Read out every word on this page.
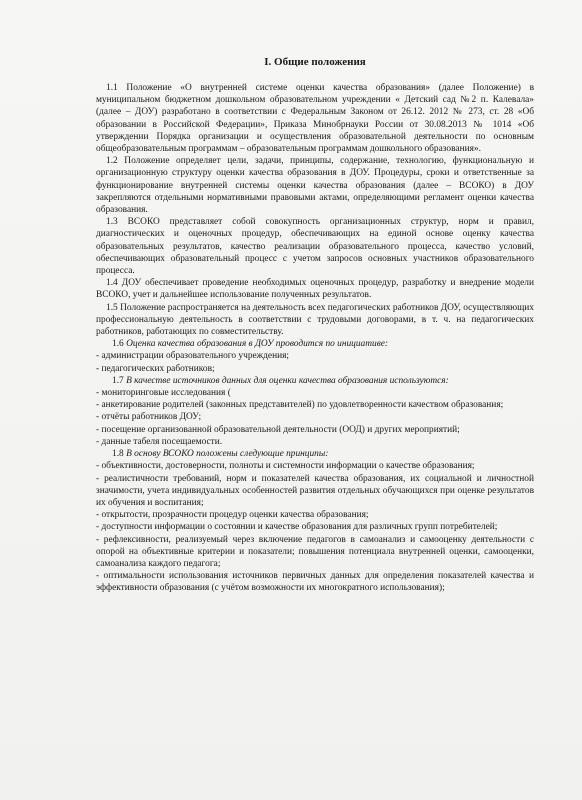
I. Общие положения

1.1 Положение «О внутренней системе оценки качества образования» (далее Положение) в муниципальном бюджетном дошкольном образовательном учреждении « Детский сад №2 п. Калевала» (далее – ДОУ) разработано в соответствии с Федеральным Законом от 26.12. 2012 № 273, ст. 28 «Об образовании в Российской Федерации», Приказа Минобрнауки России от 30.08.2013 № 1014 «Об утверждении Порядка организации и осуществления образовательной деятельности по основным общеобразовательным программам – образовательным программам дошкольного образования».

1.2 Положение определяет цели, задачи, принципы, содержание, технологию, функциональную и организационную структуру оценки качества образования в ДОУ. Процедуры, сроки и ответственные за функционирование внутренней системы оценки качества образования (далее – ВСОКО) в ДОУ закрепляются отдельными нормативными правовыми актами, определяющими регламент оценки качества образования.

1.3 ВСОКО представляет собой совокупность организационных структур, норм и правил, диагностических и оценочных процедур, обеспечивающих на единой основе оценку качества образовательных результатов, качество реализации образовательного процесса, качество условий, обеспечивающих образовательный процесс с учетом запросов основных участников образовательного процесса.

1.4 ДОУ обеспечивает проведение необходимых оценочных процедур, разработку и внедрение модели ВСОКО, учет и дальнейшее использование полученных результатов.

1.5 Положение распространяется на деятельность всех педагогических работников ДОУ, осуществляющих профессиональную деятельность в соответствии с трудовыми договорами, в т. ч. на педагогических работников, работающих по совместительству.

1.6 Оценка качества образования в ДОУ проводится по инициативе:

- администрации образовательного учреждения;

- педагогических работников;

1.7 В качестве источников данных для оценки качества образования используются:

- мониторинговые исследования (

- анкетирование родителей (законных представителей) по удовлетворенности качеством образования;

- отчёты работников ДОУ;

- посещение организованной образовательной деятельности (ООД) и других мероприятий;

- данные табеля посещаемости.

1.8 В основу ВСОКО положены следующие принципы:

- объективности, достоверности, полноты и системности информации о качестве образования;

- реалистичности требований, норм и показателей качества образования, их социальной и личностной значимости, учета индивидуальных особенностей развития отдельных обучающихся при оценке результатов их обучения и воспитания;

- открытости, прозрачности процедур оценки качества образования;

- доступности информации о состоянии и качестве образования для различных групп потребителей;

- рефлексивности, реализуемый через включение педагогов в самоанализ и самооценку деятельности с опорой на объективные критерии и показатели; повышения потенциала внутренней оценки, самооценки, самоанализа каждого педагога;

- оптимальности использования источников первичных данных для определения показателей качества и эффективности образования (с учётом возможности их многократного использования);
